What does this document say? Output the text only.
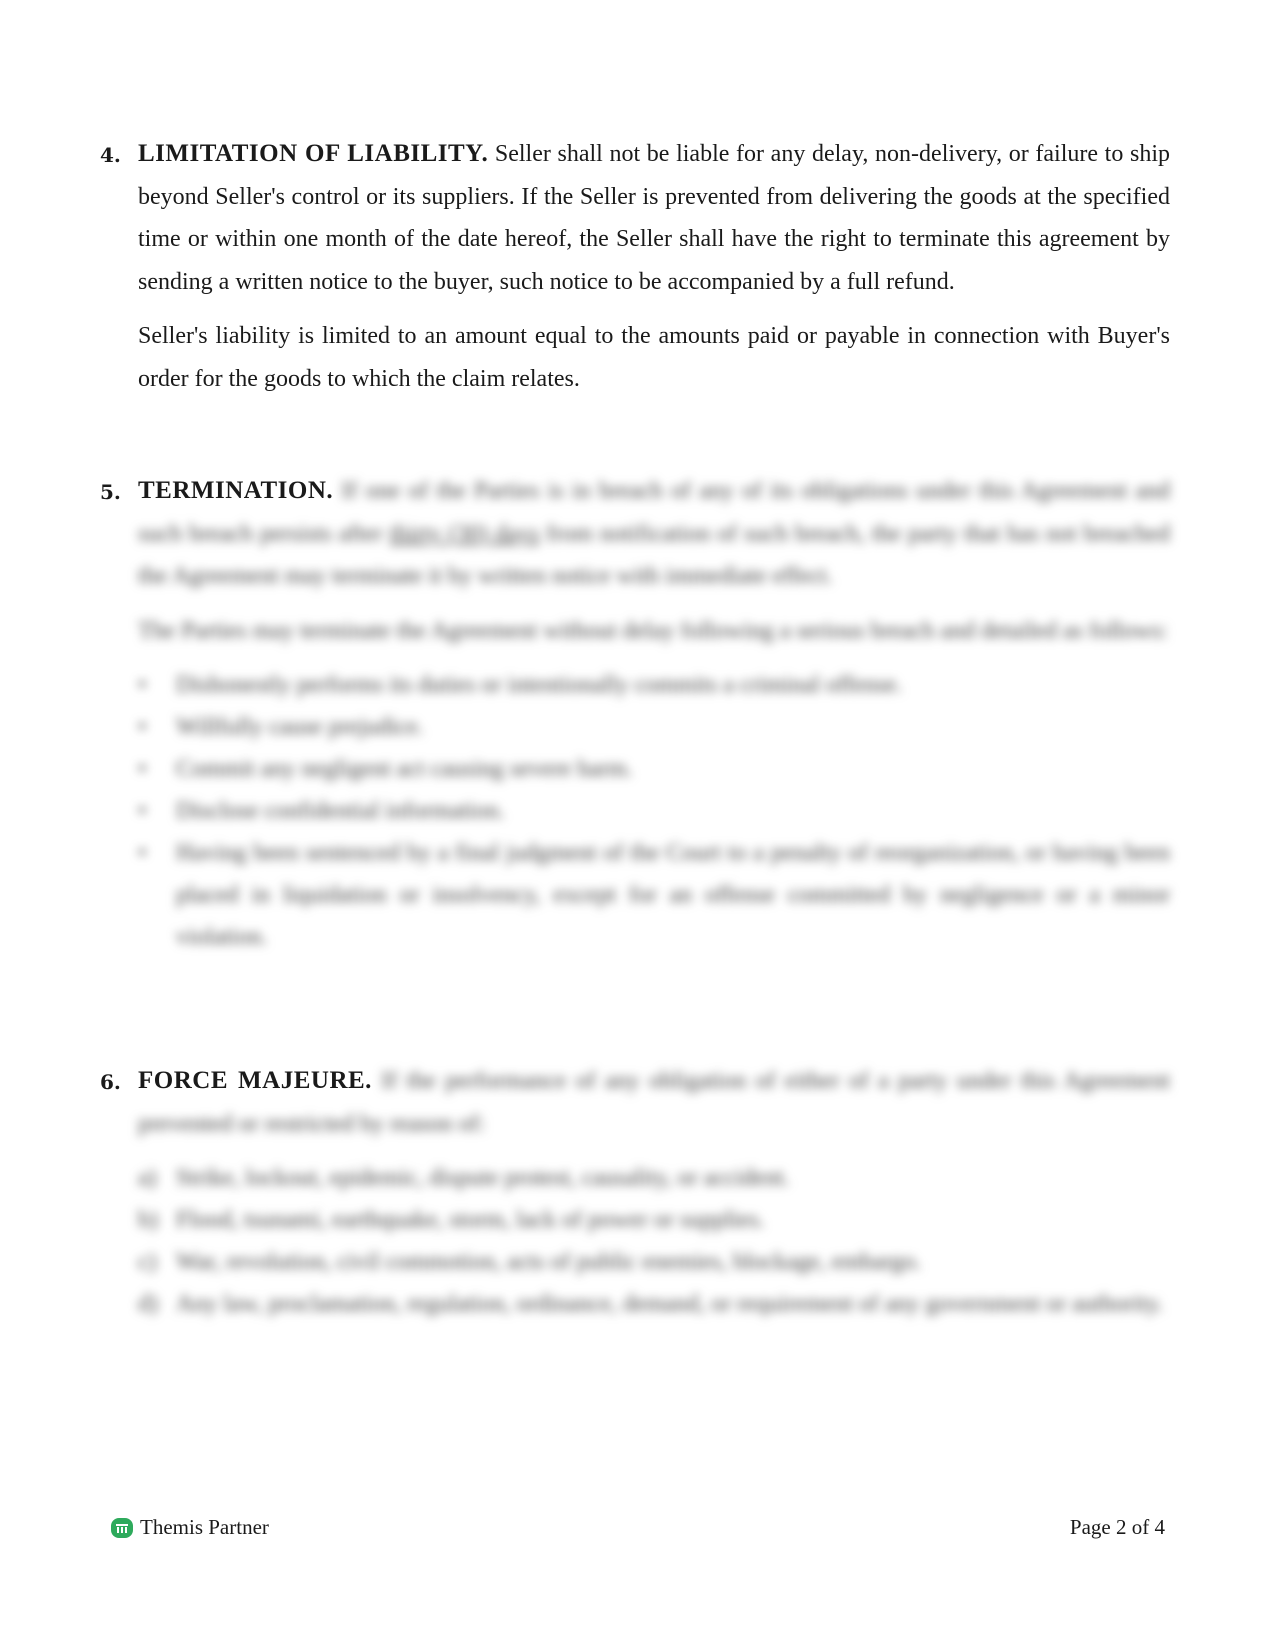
4. LIMITATION OF LIABILITY. Seller shall not be liable for any delay, non-delivery, or failure to ship beyond Seller's control or its suppliers. If the Seller is prevented from delivering the goods at the specified time or within one month of the date hereof, the Seller shall have the right to terminate this agreement by sending a written notice to the buyer, such notice to be accompanied by a full refund.

Seller's liability is limited to an amount equal to the amounts paid or payable in connection with Buyer's order for the goods to which the claim relates.

5. TERMINATION. If one of the Parties is in breach of any of its obligations under this Agreement and such breach persists after thirty (30) days from notification of such breach, the party that has not breached the Agreement may terminate it by written notice with immediate effect.

The Parties may terminate the Agreement without delay following a serious breach and detailed as follows:

• Dishonestly performs its duties or intentionally commits a criminal offense.
• Willfully cause prejudice.
• Commit any negligent act causing severe harm.
• Disclose confidential information.
• Having been sentenced by a final judgment of the Court to a penalty of reorganization, or having been placed in liquidation or insolvency, except for an offense committed by negligence or a minor violation.
6. FORCE MAJEURE. If the performance of any obligation of either of a party under this Agreement prevented or restricted by reason of:

a) Strike, lockout, epidemic, dispute protest, causality, or accident.
b) Flood, tsunami, earthquake, storm, lack of power or supplies.
c) War, revolution, civil commotion, acts of public enemies, blockage, embargo.
d) Any law, proclamation, regulation, ordinance, demand, or requirement of any government or authority.
Themis Partner	Page 2 of 4
